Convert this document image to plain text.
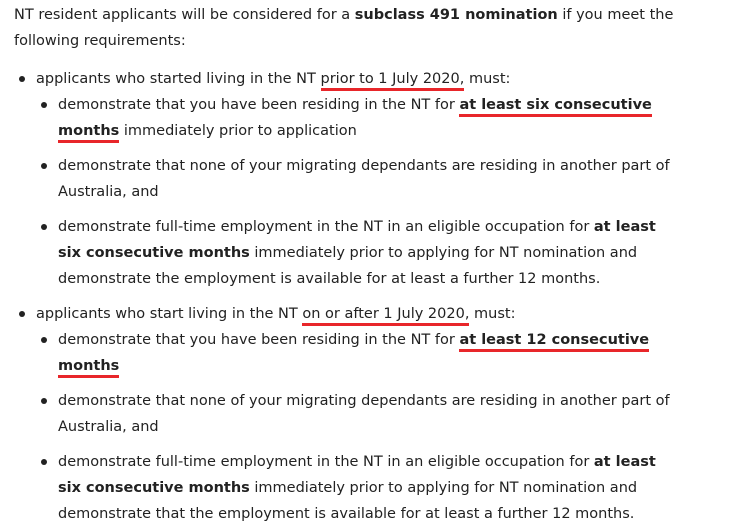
NT resident applicants will be considered for a subclass 491 nomination if you meet the following requirements:

applicants who started living in the NT prior to 1 July 2020, must:
demonstrate that you have been residing in the NT for at least six consecutive months immediately prior to application
demonstrate that none of your migrating dependants are residing in another part of Australia, and
demonstrate full-time employment in the NT in an eligible occupation for at least six consecutive months immediately prior to applying for NT nomination and demonstrate the employment is available for at least a further 12 months.
applicants who start living in the NT on or after 1 July 2020, must:
demonstrate that you have been residing in the NT for at least 12 consecutive months
demonstrate that none of your migrating dependants are residing in another part of Australia, and
demonstrate full-time employment in the NT in an eligible occupation for at least six consecutive months immediately prior to applying for NT nomination and demonstrate that the employment is available for at least a further 12 months.
